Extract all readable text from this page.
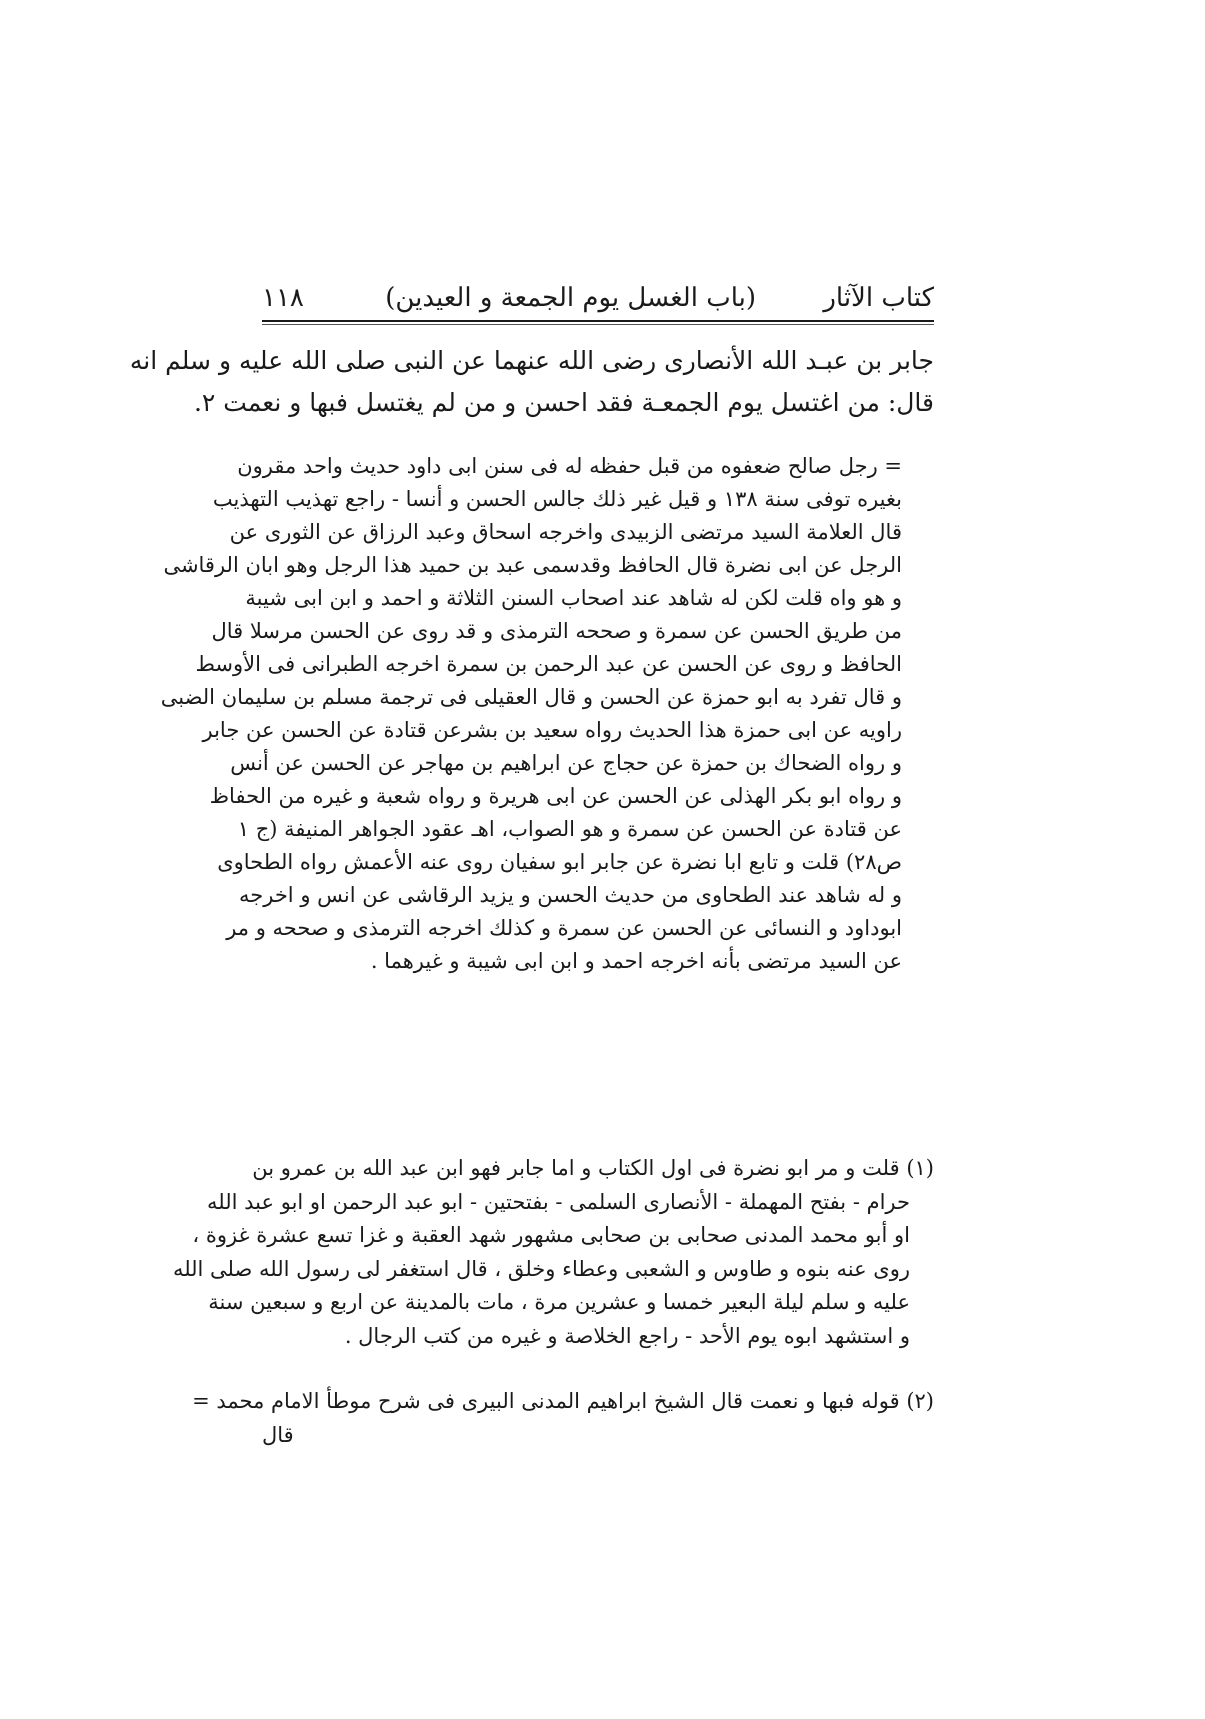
كتاب الآثار
(باب الغسل يوم الجمعة و العيدين)
١١٨

جابر بن عبـد الله الأنصارى رضى الله عنهما عن النبى صلى الله عليه و سلم انه

قال: من اغتسل يوم الجمعـة فقد احسن و من لم يغتسل فبها و نعمت ٢.

= رجل صالح ضعفوه من قبل حفظه له فى سنن ابى داود حديث واحد مقرون

بغيره توفى سنة ١٣٨ و قيل غير ذلك جالس الحسن و أنسا - راجع تهذيب التهذيب

قال العلامة السيد مرتضى الزبيدى واخرجه اسحاق وعبد الرزاق عن الثورى عن

الرجل عن ابى نضرة قال الحافظ وقدسمى عبد بن حميد هذا الرجل وهو ابان الرقاشى

و هو واه قلت لكن له شاهد عند اصحاب السنن الثلاثة و احمد و ابن ابى شيبة

من طريق الحسن عن سمرة و صححه الترمذى و قد روى عن الحسن مرسلا قال

الحافظ و روى عن الحسن عن عبد الرحمن بن سمرة اخرجه الطبرانى فى الأوسط

و قال تفرد به ابو حمزة عن الحسن و قال العقيلى فى ترجمة مسلم بن سليمان الضبى

راويه عن ابى حمزة هذا الحديث رواه سعيد بن بشرعن قتادة عن الحسن عن جابر

و رواه الضحاك بن حمزة عن حجاج عن ابراهيم بن مهاجر عن الحسن عن أنس

و رواه ابو بكر الهذلى عن الحسن عن ابى هريرة و رواه شعبة و غيره من الحفاظ

عن قتادة عن الحسن عن سمرة و هو الصواب، اهـ عقود الجواهر المنيفة (ج ١

ص٢٨) قلت و تابع ابا نضرة عن جابر ابو سفيان روى عنه الأعمش رواه الطحاوى

و له شاهد عند الطحاوى من حديث الحسن و يزيد الرقاشى عن انس و اخرجه

ابوداود و النسائى عن الحسن عن سمرة و كذلك اخرجه الترمذى و صححه و مر

عن السيد مرتضى بأنه اخرجه احمد و ابن ابى شيبة و غيرهما .

(١) قلت و مر ابو نضرة فى اول الكتاب و اما جابر فهو ابن عبد الله بن عمرو بن

حرام - بفتح المهملة - الأنصارى السلمى - بفتحتين - ابو عبد الرحمن او ابو عبد الله

او أبو محمد المدنى صحابى بن صحابى مشهور شهد العقبة و غزا تسع عشرة غزوة ،

روى عنه بنوه و طاوس و الشعبى وعطاء وخلق ، قال استغفر لى رسول الله صلى الله

عليه و سلم ليلة البعير خمسا و عشرين مرة ، مات بالمدينة عن اربع و سبعين سنة

و استشهد ابوه يوم الأحد - راجع الخلاصة و غيره من كتب الرجال .

(٢) قوله فبها و نعمت قال الشيخ ابراهيم المدنى البيرى فى شرح موطأ الامام محمد =

قال
